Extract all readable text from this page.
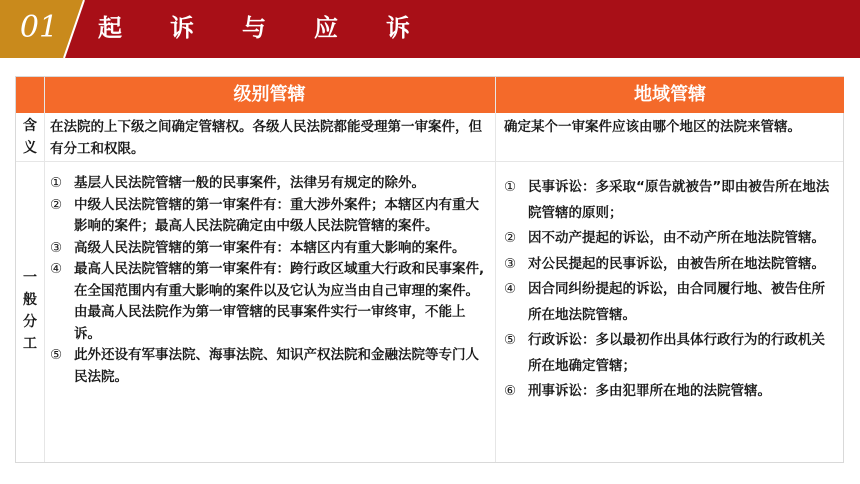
01	起诉与应诉
级别管辖	地域管辖
含
义
在法院的上下级之间确定管辖权。各级人民法院都能受理第一审案件，但有分工和权限。
确定某个一审案件应该由哪个地区的法院来管辖。
一
般
分
工
① 基层人民法院管辖一般的民事案件，法律另有规定的除外。
② 中级人民法院管辖的第一审案件有：重大涉外案件；本辖区内有重大影响的案件；最高人民法院确定由中级人民法院管辖的案件。
③ 高级人民法院管辖的第一审案件有：本辖区内有重大影响的案件。
④ 最高人民法院管辖的第一审案件有：跨行政区域重大行政和民事案件,在全国范围内有重大影响的案件以及它认为应当由自己审理的案件。由最高人民法院作为第一审管辖的民事案件实行一审终审，不能上诉。
⑤ 此外还设有军事法院、海事法院、知识产权法院和金融法院等专门人民法院。
① 民事诉讼：多采取“原告就被告”即由被告所在地法院管辖的原则；
② 因不动产提起的诉讼，由不动产所在地法院管辖。
③ 对公民提起的民事诉讼，由被告所在地法院管辖。
④ 因合同纠纷提起的诉讼，由合同履行地、被告住所所在地法院管辖。
⑤ 行政诉讼：多以最初作出具体行政行为的行政机关所在地确定管辖；
⑥ 刑事诉讼：多由犯罪所在地的法院管辖。
